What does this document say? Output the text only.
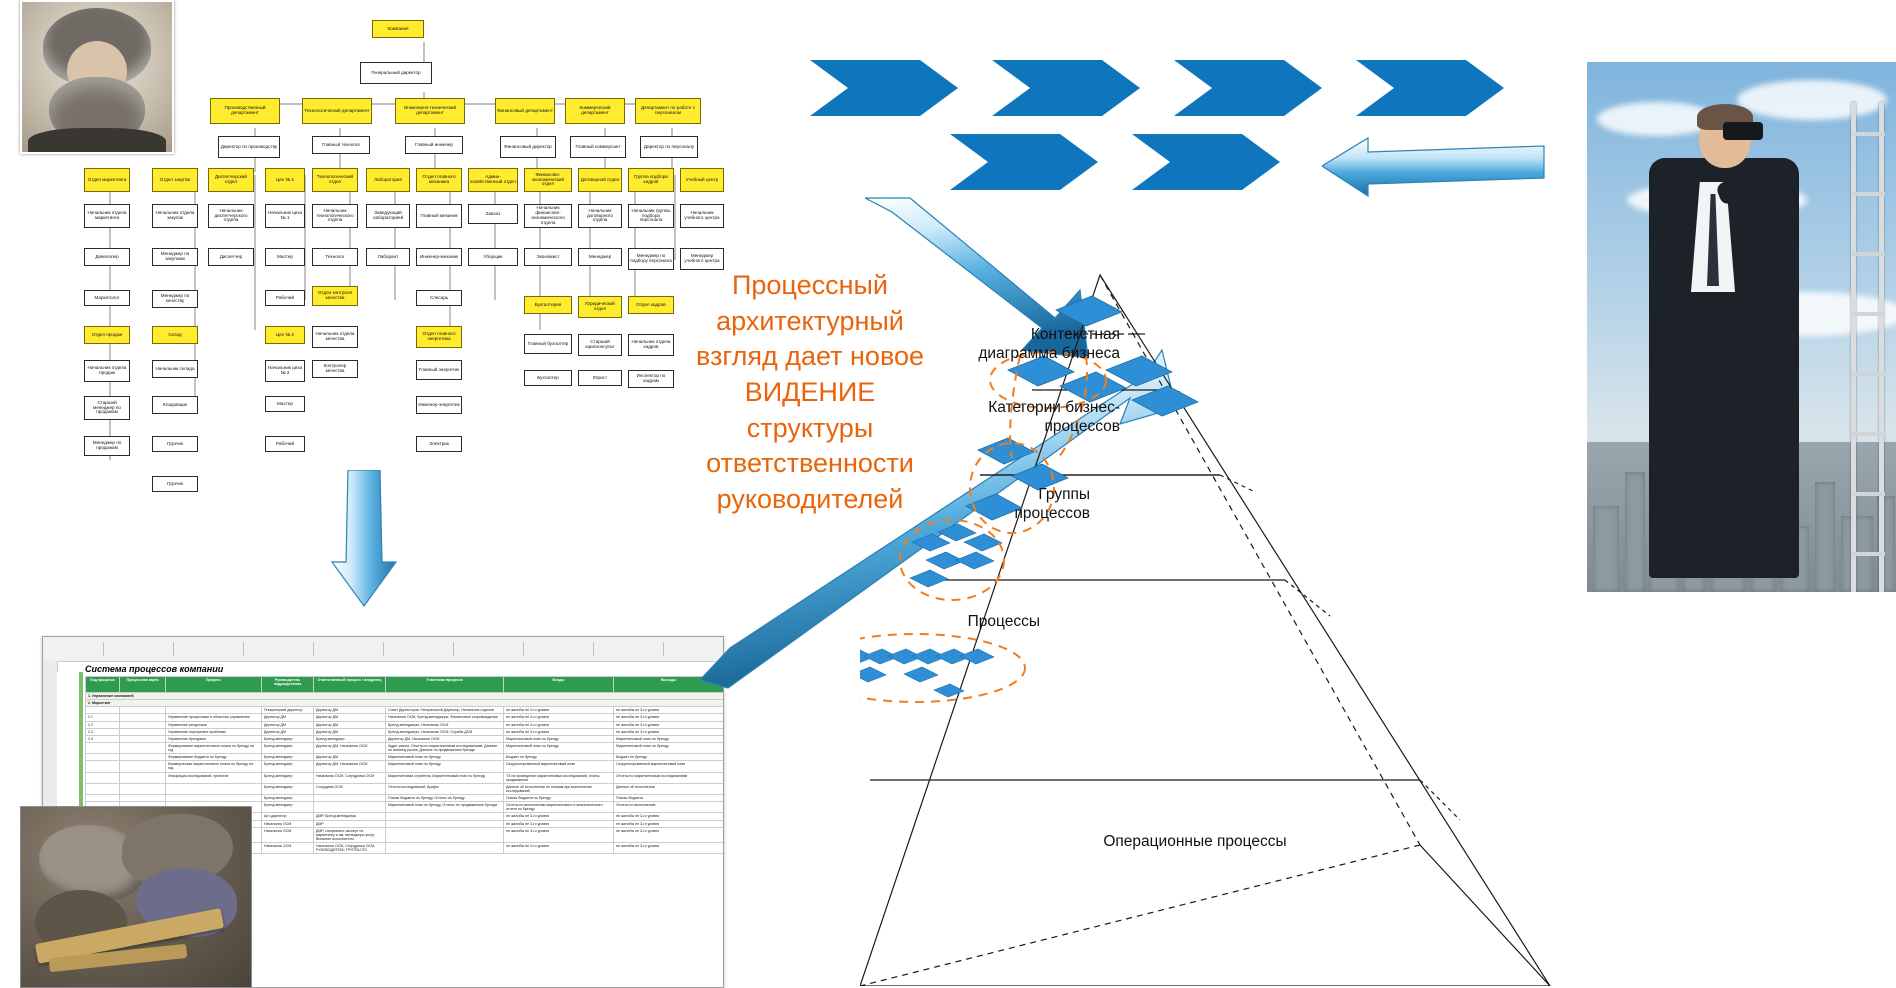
Компания
Генеральный директор
Производственный департамент	Технологический департамент	Инженерно-технический департамент	Финансовый департамент	Коммерческий департамент
Департамент по работе с персоналом
Директор по производству	Главный технолог	Главный инженер	Финансовый директор	Главный коммерсант	Директор по персоналу
Отдел маркетинга	Отдел закупок	Диспетчерский отдел	Цех № 1	Технологический отдел	Лаборатория	Отдел главного механика
Админ-хозяйственный отдел
Финансово-экономический отдел
Договорной отдел	Группа подбора кадров	Учебный центр
Начальник отдела маркетинга
Начальник отдела закупок
Начальник диспетчерского отдела
Начальник цеха № 1
Начальник технологического отдела
Заведующий лабораторией	Главный механик	Завхоз
Начальник финансово-экономического отдела
Начальник договорного отдела
Начальник группы подбора персонала
Начальник учебного центра
Девелопер	Менеджер по закупкам	Диспетчер	Мастер	Технолог	Лаборант	Инженер-механик	Уборщик	Экономист	Менеджер	Менеджер по подбору персонала
Менеджер учебного центра
Маркетолог	Менеджер по качеству
Рабочий
Отдел контроля качества	Слесарь
Отдел продаж	Склад	Цех № 2	Отдел главного энергетика
Бухгалтерия	Юридический отдел
Отдел кадров
Начальник отдела продаж
Начальник склада	Начальник цеха № 2
Начальник отдела качества
Главный энергетик
Главный бухгалтер	Старший юрисконсульт
Начальник отдела кадров
Старший менеджер по продажам
Кладовщик	Мастер
Контролер качества
Инженер-энергетик
Бухгалтер	Юрист	Инспектор по кадрам
Менеджер по продажам
Грузчик	Рабочий	Электрик
Грузчик
Система процессов компании
Код процесса	Процессная карта	Процесс	Руководитель подразделения	Ответственный процесс / владелец	Участники процесса	Входы	Выходы
1. Управление компанией							
2. Маркетинг							
			Генеральный директор	Директор ДМ	Совет Директоров, Генеральный Директор, Начальник отделов	не жалобы не 3-го уровня	не жалобы не 3-го уровня
2.1		Управление процессами и областью управления	Директор ДМ	Директор ДМ	Начальник ОСМ, Бренд-менеджеры, Финансовое сопровождение	не жалобы не 3-го уровня	не жалобы не 3-го уровня
2.2		Управление ресурсами	Директор ДМ	Директор ДМ	Бренд-менеджеры, Начальник ОСМ	не жалобы не 3-го уровня	не жалобы не 3-го уровня
2.3		Управление портфелем проблемы	Директор ДМ	Директор ДМ	Бренд-менеджеры, Начальник ОСМ, Служба ДСМ	не жалобы не 3-го уровня	не жалобы не 3-го уровня
2.4		Управление брендами	Бренд-менеджер	Бренд-менеджер	Директор ДМ, Начальник ОСМ	Маркетинговый план по бренду	Маркетинговый план по бренду
		Формирование маркетингового плана по бренду на год	Бренд-менеджер	Директор ДМ, Начальник ОСМ	Аудит рынка, Отчеты по маркетинговым исследованиям, Данные по анализу рынка, Данные по продвижению бренда	Маркетинговый план по бренду	Маркетинговый план по бренду
		Формирование бюджета по бренду	Бренд-менеджер	Директор ДМ	Маркетинговый план по бренду	Бюджет по бренду	Бюджет по бренду
		Коммерческая маркетингового плана по бренду на год	Бренд-менеджер	Директор ДМ, Начальник ОСМ	Маркетинговый план по бренду	Скорректированный маркетинговый план	Скорректированный маркетинговый план
		Инициация исследований, проектов	Бренд-менеджер	Начальник ОСМ, Сотрудники ОСМ	Маркетинговая стратегия, Маркетинговый план по бренду	ТЗ на проведение маркетинговых исследований, планы продвижения	Отчеты по маркетинговым исследованиям
			Бренд-менеджер	Сотрудник ОСМ	Отчеты исследований, Брифы	Данные об исполнении по планам при выполнении исследований	Данные об исполнении
			Бренд-менеджер		Планы бюджета по бренду, Отчеты по бренду	Планы бюджета по бренду	Планы бюджета
			Бренд-менеджер		Маркетинговый план по бренду, Отчеты по продвижению бренда	Отчеты по выполнению маркетингового и аналитического отчета по бренду	Отчеты по выполнению
			Арт-директор	ДМР, Бренд-менеджеры		не жалобы не 3-го уровня	не жалобы не 3-го уровня
			Начальник ОСМ	ДМР		не жалобы не 3-го уровня	не жалобы не 3-го уровня
			Начальник ОСМ	ДМР, специалист-эксперт по маркетингу и им, менеджеры услуг, Внешние исполнители		не жалобы не 3-го уровня	не жалобы не 3-го уровня
			Начальник ОСМ	Начальник ОСМ, Сотрудники ОСМ, РУКОВОДИТЕЛЬ ГРУППЫ ПО		не жалобы не 3-го уровня	не жалобы не 3-го уровня
Контекстная
диаграмма бизнеса
Категории бизнес-
процессов
Группы
процессов
Процессы
Операционные процессы
Процессный
архитектурный
взгляд дает новое
ВИДЕНИЕ
структуры
ответственности
руководителей
